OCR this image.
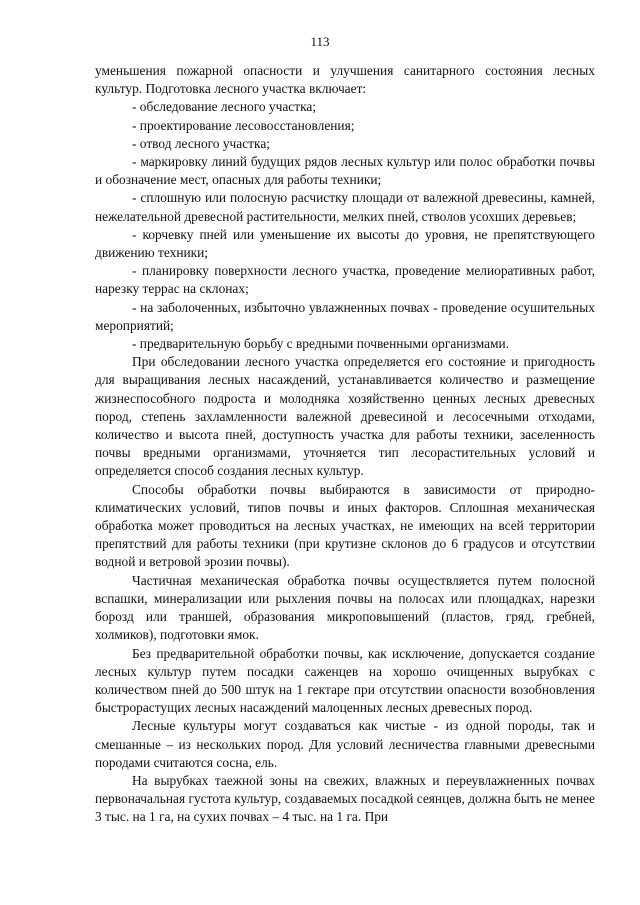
113

уменьшения пожарной опасности и улучшения санитарного состояния лесных культур. Подготовка лесного участка включает:

- обследование лесного участка;

- проектирование лесовосстановления;

- отвод лесного участка;

- маркировку линий будущих рядов лесных культур или полос обработки почвы и обозначение мест, опасных для работы техники;

- сплошную или полосную расчистку площади от валежной древесины, камней, нежелательной древесной растительности, мелких пней, стволов усохших деревьев;

- корчевку пней или уменьшение их высоты до уровня, не препятствующего движению техники;

- планировку поверхности лесного участка, проведение мелиоративных работ, нарезку террас на склонах;

- на заболоченных, избыточно увлажненных почвах - проведение осушительных мероприятий;

- предварительную борьбу с вредными почвенными организмами.

При обследовании лесного участка определяется его состояние и пригодность для выращивания лесных насаждений, устанавливается количество и размещение жизнеспособного подроста и молодняка хозяйственно ценных лесных древесных пород, степень захламленности валежной древесиной и лесосечными отходами, количество и высота пней, доступность участка для работы техники, заселенность почвы вредными организмами, уточняется тип лесорастительных условий и определяется способ создания лесных культур.

Способы обработки почвы выбираются в зависимости от природно-климатических условий, типов почвы и иных факторов. Сплошная механическая обработка может проводиться на лесных участках, не имеющих на всей территории препятствий для работы техники (при крутизне склонов до 6 градусов и отсутствии водной и ветровой эрозии почвы).

Частичная механическая обработка почвы осуществляется путем полосной вспашки, минерализации или рыхления почвы на полосах или площадках, нарезки борозд или траншей, образования микроповышений (пластов, гряд, гребней, холмиков), подготовки ямок.

Без предварительной обработки почвы, как исключение, допускается создание лесных культур путем посадки саженцев на хорошо очищенных вырубках с количеством пней до 500 штук на 1 гектаре при отсутствии опасности возобновления быстрорастущих лесных насаждений малоценных лесных древесных пород.

Лесные культуры могут создаваться как чистые - из одной породы, так и смешанные – из нескольких пород. Для условий лесничества главными древесными породами считаются сосна, ель.

На вырубках таежной зоны на свежих, влажных и переувлажненных почвах первоначальная густота культур, создаваемых посадкой сеянцев, должна быть не менее 3 тыс. на 1 га, на сухих почвах – 4 тыс. на 1 га. При
